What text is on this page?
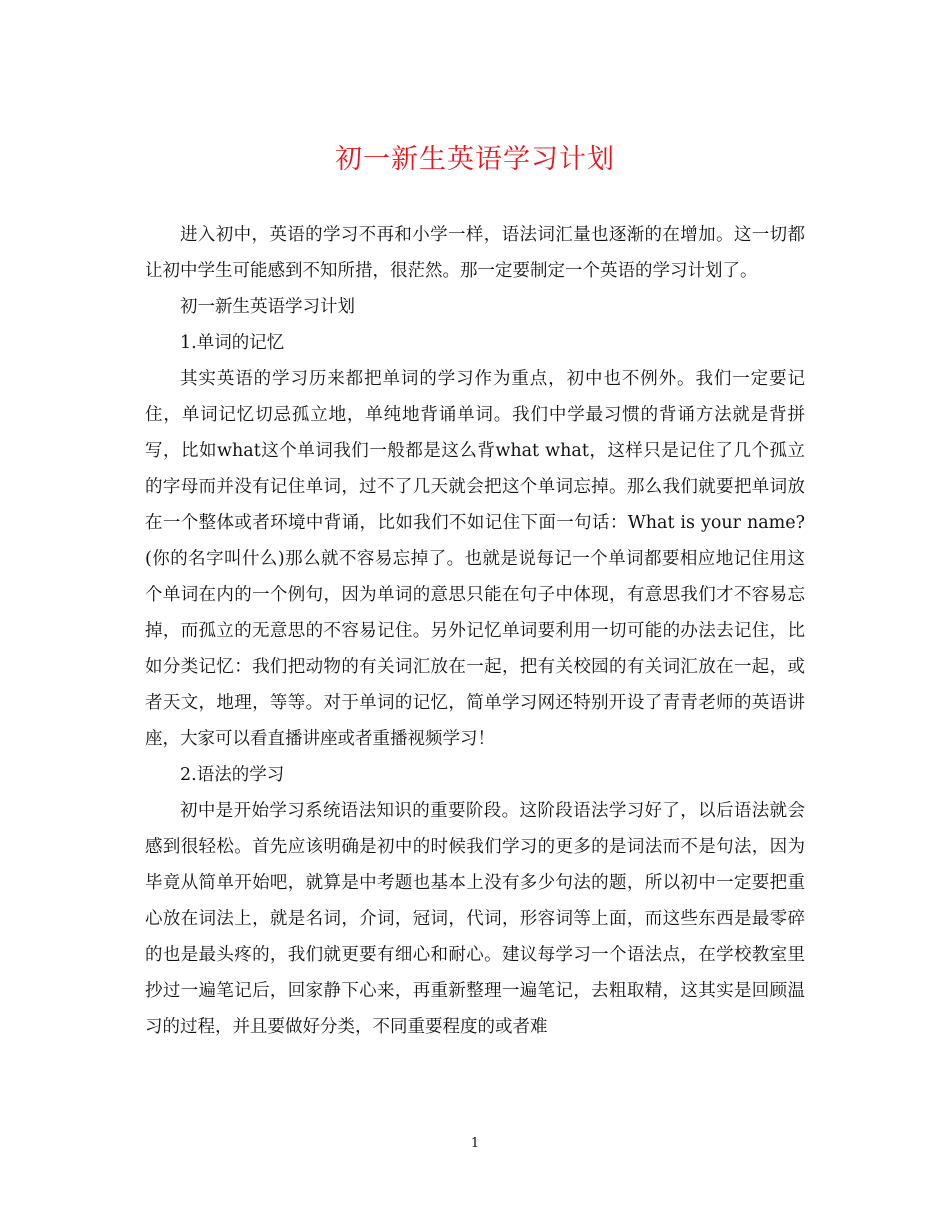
初一新生英语学习计划

进入初中，英语的学习不再和小学一样，语法词汇量也逐渐的在增加。这一切都让初中学生可能感到不知所措，很茫然。那一定要制定一个英语的学习计划了。

初一新生英语学习计划

1.单词的记忆

其实英语的学习历来都把单词的学习作为重点，初中也不例外。我们一定要记住，单词记忆切忌孤立地，单纯地背诵单词。我们中学最习惯的背诵方法就是背拼写，比如what这个单词我们一般都是这么背what what，这样只是记住了几个孤立的字母而并没有记住单词，过不了几天就会把这个单词忘掉。那么我们就要把单词放在一个整体或者环境中背诵，比如我们不如记住下面一句话：What is your name?(你的名字叫什么)那么就不容易忘掉了。也就是说每记一个单词都要相应地记住用这个单词在内的一个例句，因为单词的意思只能在句子中体现，有意思我们才不容易忘掉，而孤立的无意思的不容易记住。另外记忆单词要利用一切可能的办法去记住，比如分类记忆：我们把动物的有关词汇放在一起，把有关校园的有关词汇放在一起，或者天文，地理，等等。对于单词的记忆，简单学习网还特别开设了青青老师的英语讲座，大家可以看直播讲座或者重播视频学习！

2.语法的学习

初中是开始学习系统语法知识的重要阶段。这阶段语法学习好了，以后语法就会感到很轻松。首先应该明确是初中的时候我们学习的更多的是词法而不是句法，因为毕竟从简单开始吧，就算是中考题也基本上没有多少句法的题，所以初中一定要把重心放在词法上，就是名词，介词，冠词，代词，形容词等上面，而这些东西是最零碎的也是最头疼的，我们就更要有细心和耐心。建议每学习一个语法点，在学校教室里抄过一遍笔记后，回家静下心来，再重新整理一遍笔记，去粗取精，这其实是回顾温习的过程，并且要做好分类，不同重要程度的或者难

1
